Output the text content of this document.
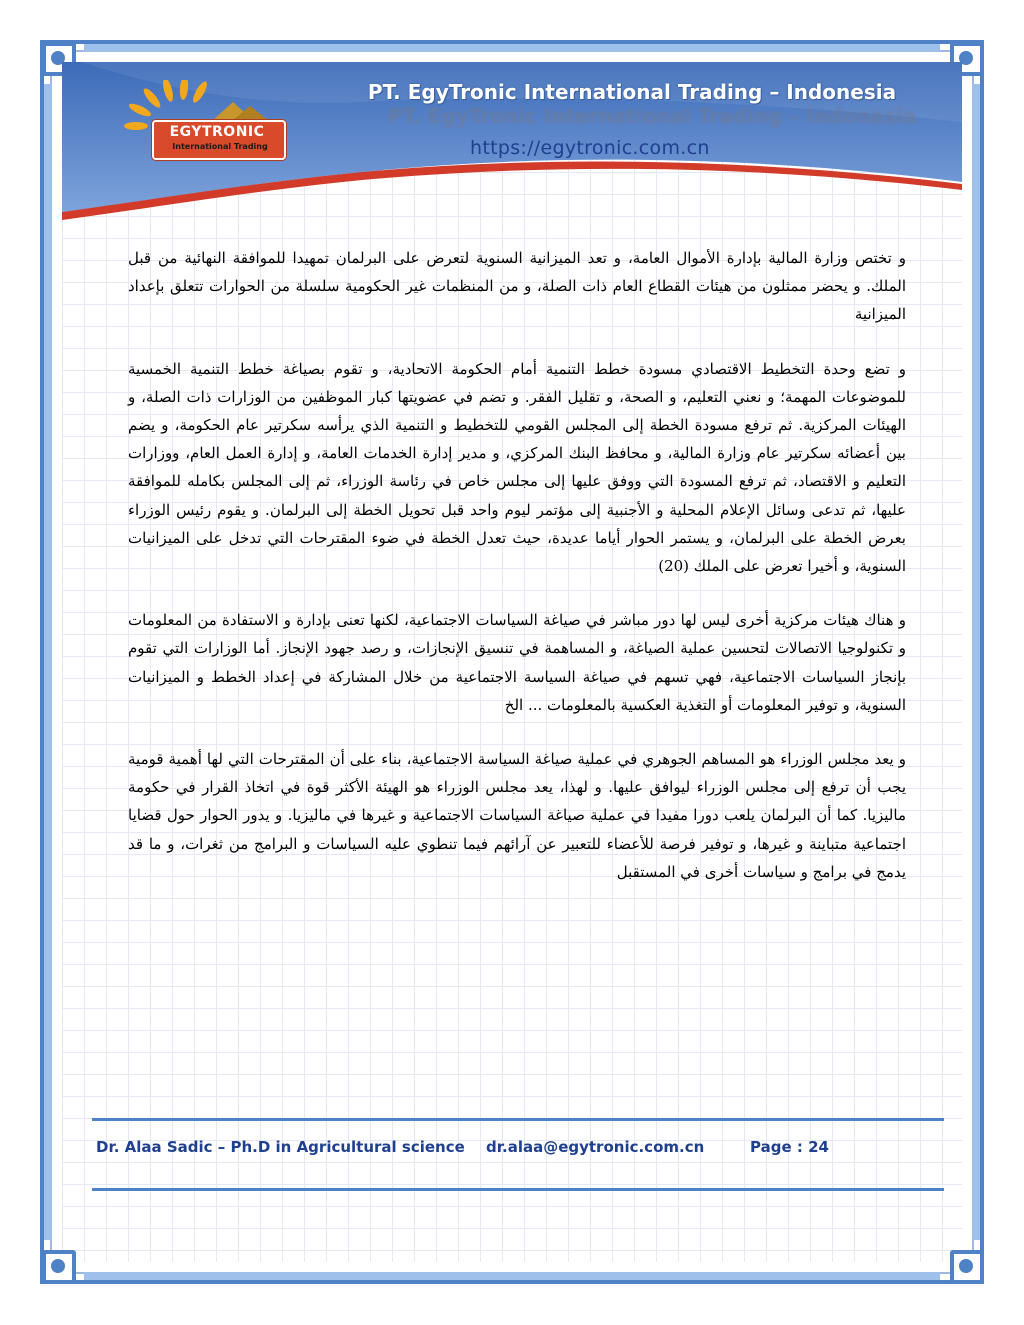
EGYTRONIC
International Trading
PT. EgyTronic International Trading – Indonesia
PT. EgyTronic International Trading – Indonesia
https://egytronic.com.cn

و تختص وزارة المالية بإدارة الأموال العامة، و تعد الميزانية السنوية لتعرض على البرلمان تمهيدا للموافقة النهائية من قبل الملك. و يحضر ممثلون من هيئات القطاع العام ذات الصلة، و من المنظمات غير الحكومية سلسلة من الحوارات تتعلق بإعداد الميزانية

و تضع وحدة التخطيط الاقتصادي مسودة خطط التنمية أمام الحكومة الاتحادية، و تقوم بصياغة خطط التنمية الخمسية للموضوعات المهمة؛ و نعني التعليم، و الصحة، و تقليل الفقر. و تضم في عضويتها كبار الموظفين من الوزارات ذات الصلة، و الهيئات المركزية. ثم ترفع مسودة الخطة إلى المجلس القومي للتخطيط و التنمية الذي يرأسه سكرتير عام الحكومة، و يضم بين أعضائه سكرتير عام وزارة المالية، و محافظ البنك المركزي، و مدير إدارة الخدمات العامة، و إدارة العمل العام، ووزارات التعليم و الاقتصاد، ثم ترفع المسودة التي ووفق عليها إلى مجلس خاص في رئاسة الوزراء، ثم إلى المجلس بكامله للموافقة عليها، ثم تدعى وسائل الإعلام المحلية و الأجنبية إلى مؤتمر ليوم واحد قبل تحويل الخطة إلى البرلمان. و يقوم رئيس الوزراء بعرض الخطة على البرلمان، و يستمر الحوار أياما عديدة، حيث تعدل الخطة في ضوء المقترحات التي تدخل على الميزانيات السنوية، و أخيرا تعرض على الملك (20)

و هناك هيئات مركزية أخرى ليس لها دور مباشر في صياغة السياسات الاجتماعية، لكنها تعنى بإدارة و الاستفادة من المعلومات و تكنولوجيا الاتصالات لتحسين عملية الصياغة، و المساهمة في تنسيق الإنجازات، و رصد جهود الإنجاز. أما الوزارات التي تقوم بإنجاز السياسات الاجتماعية، فهي تسهم في صياغة السياسة الاجتماعية من خلال المشاركة في إعداد الخطط و الميزانيات السنوية، و توفير المعلومات أو التغذية العكسية بالمعلومات ... الخ

و يعد مجلس الوزراء هو المساهم الجوهري في عملية صياغة السياسة الاجتماعية، بناء على أن المقترحات التي لها أهمية قومية يجب أن ترفع إلى مجلس الوزراء ليوافق عليها. و لهذا، يعد مجلس الوزراء هو الهيئة الأكثر قوة في اتخاذ القرار في حكومة ماليزيا. كما أن البرلمان يلعب دورا مفيدا في عملية صياغة السياسات الاجتماعية و غيرها في ماليزيا. و يدور الحوار حول قضايا اجتماعية متباينة و غيرها، و توفير فرصة للأعضاء للتعبير عن آرائهم فيما تنطوي عليه السياسات و البرامج من ثغرات، و ما قد يدمج في برامج و سياسات أخرى في المستقبل

Dr. Alaa Sadic – Ph.D in Agricultural science dr.alaa@egytronic.com.cn	Page : 24
